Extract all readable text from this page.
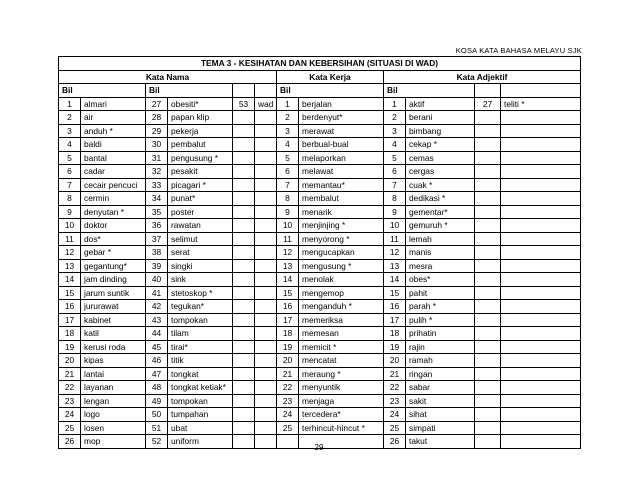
KOSA KATA BAHASA MELAYU SJK
TEMA 3 - KESIHATAN DAN KEBERSIHAN (SITUASI DI WAD)											
Kata Nama						Kata Kerja		Kata Adjektif			
Bil		Bil				Bil		Bil			
1	almari	27	obesiti*	53	wad	1	berjalan	1	aktif	27	teliti *
2	air	28	papan klip			2	berdenyut*	2	berani		
3	anduh *	29	pekerja			3	merawat	3	bimbang		
4	baldi	30	pembalut			4	berbual-bual	4	cekap *		
5	bantal	31	pengusung *			5	melaporkan	5	cemas		
6	cadar	32	pesakit			6	melawat	6	cergas		
7	cecair pencuci	33	picagari *			7	memantau*	7	cuak *		
8	cermin	34	punat*			8	membalut	8	dedikasi *		
9	denyutan *	35	poster			9	menarik	9	gementar*		
10	doktor	36	rawatan			10	menjinjing *	10	gemuruh *		
11	dos*	37	selimut			11	menyorong *	11	lemah		
12	gebar *	38	serat			12	mengucapkan	12	manis		
13	gegantung*	39	singki			13	mengusung *	13	mesra		
14	jam dinding	40	sink			14	menolak	14	obes*		
15	jarum suntik	41	stetoskop *			15	mengemop	15	pahit		
16	jururawat	42	tegukan*			16	menganduh *	16	parah *		
17	kabinet	43	tompokan			17	memeriksa	17	pulih *		
18	katil	44	tilam			18	memesan	18	prihatin		
19	kerusi roda	45	tirai*			19	memicit *	19	rajin		
20	kipas	46	titik			20	mencatat	20	ramah		
21	lantai	47	tongkat			21	meraung *	21	ringan		
22	layanan	48	tongkat ketiak*			22	menyuntik	22	sabar		
23	lengan	49	tompokan			23	menjaga	23	sakit		
24	logo	50	tumpahan			24	tercedera*	24	sihat		
25	losen	51	ubat			25	terhincut-hincut *	25	simpati		
26	mop	52	uniform					26	takut		
29
